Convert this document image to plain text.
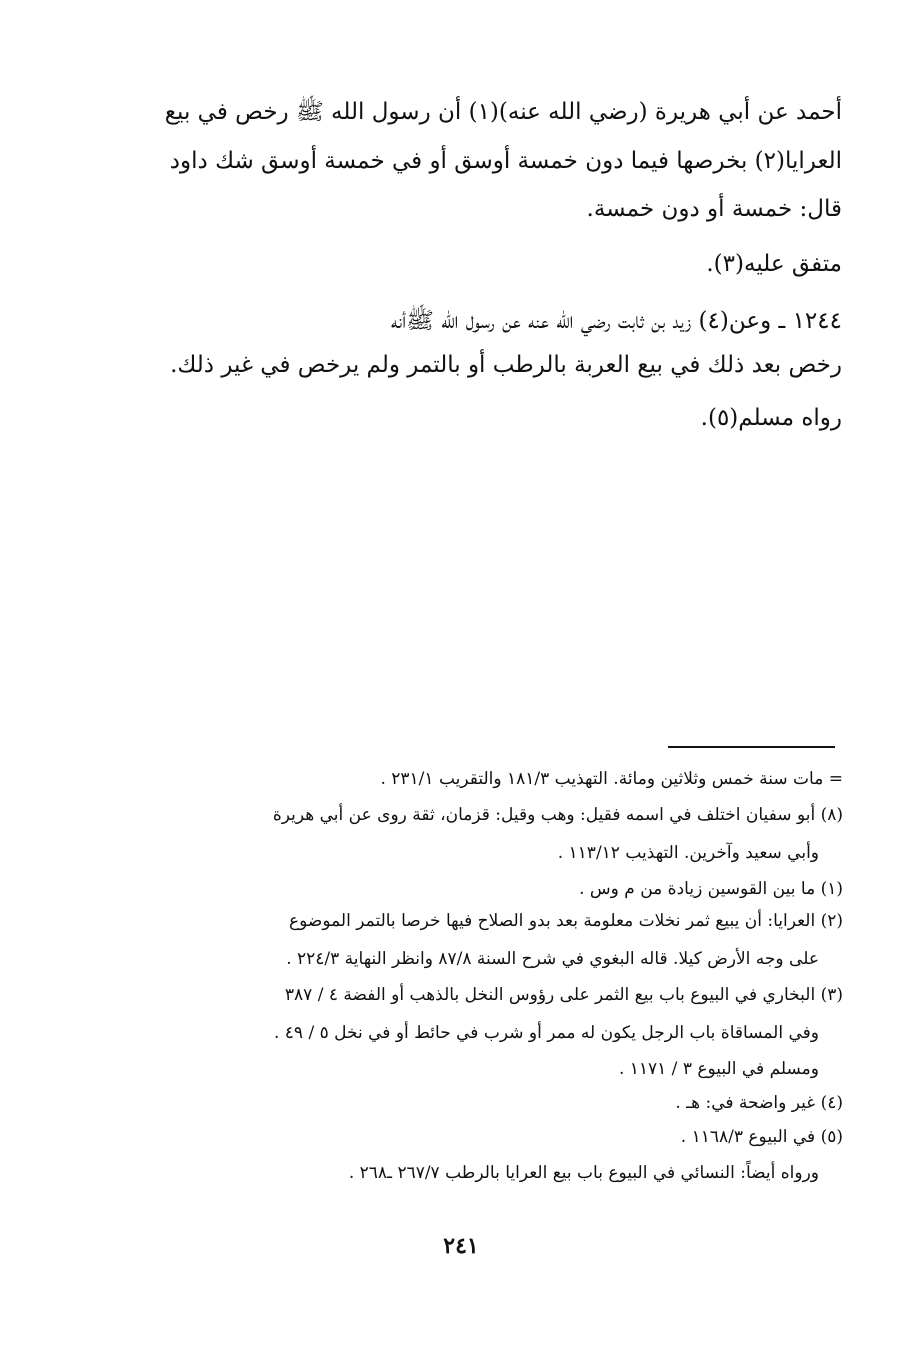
أحمد عن أبي هريرة (رضي الله عنه)(١) أن رسول الله ﷺ رخص في بيع
العرايا(٢) بخرصها فيما دون خمسة أوسق أو في خمسة أوسق شك داود
قال: خمسة أو دون خمسة.
متفق عليه(٣).
١٢٤٤ ـ وعن(٤) زيد بن ثابت رضي الله عنه عن رسول الله ﷺأنه
رخص بعد ذلك في بيع العربة بالرطب أو بالتمر ولم يرخص في غير ذلك.
رواه مسلم(٥).
= مات سنة خمس وثلاثين ومائة. التهذيب ١٨١/٣ والتقريب ٢٣١/١ .
(٨) أبو سفيان اختلف في اسمه فقيل: وهب وقيل: قزمان، ثقة روى عن أبي هريرة
وأبي سعيد وآخرين. التهذيب ١١٣/١٢ .
(١) ما بين القوسين زيادة من م وس .
(٢) العرايا: أن يبيع ثمر نخلات معلومة بعد بدو الصلاح فيها خرصا بالتمر الموضوع
على وجه الأرض كيلا. قاله البغوي في شرح السنة ٨٧/٨ وانظر النهاية ٢٢٤/٣ .
(٣) البخاري في البيوع باب بيع الثمر على رؤوس النخل بالذهب أو الفضة ٤ / ٣٨٧
وفي المساقاة باب الرجل يكون له ممر أو شرب في حائط أو في نخل ٥ / ٤٩ .
ومسلم في البيوع ٣ / ١١٧١ .
(٤) غير واضحة في: هـ .
(٥) في البيوع ١١٦٨/٣ .
ورواه أيضاً: النسائي في البيوع باب بيع العرايا بالرطب ٢٦٧/٧ ـ٢٦٨ .
٢٤١
